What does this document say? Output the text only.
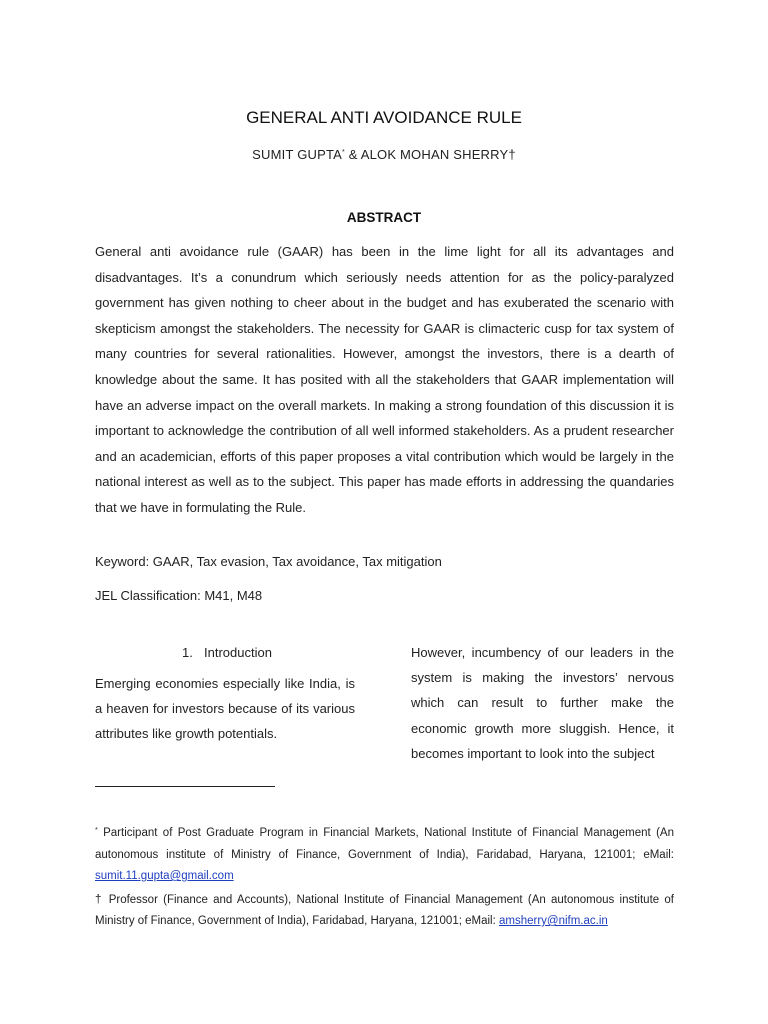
GENERAL ANTI AVOIDANCE RULE
SUMIT GUPTA* & ALOK MOHAN SHERRY†
ABSTRACT

General anti avoidance rule (GAAR) has been in the lime light for all its advantages and disadvantages. It’s a conundrum which seriously needs attention for as the policy-paralyzed government has given nothing to cheer about in the budget and has exuberated the scenario with skepticism amongst the stakeholders. The necessity for GAAR is climacteric cusp for tax system of many countries for several rationalities. However, amongst the investors, there is a dearth of knowledge about the same. It has posited with all the stakeholders that GAAR implementation will have an adverse impact on the overall markets. In making a strong foundation of this discussion it is important to acknowledge the contribution of all well informed stakeholders. As a prudent researcher and an academician, efforts of this paper proposes a vital contribution which would be largely in the national interest as well as to the subject. This paper has made efforts in addressing the quandaries that we have in formulating the Rule.

Keyword: GAAR, Tax evasion, Tax avoidance, Tax mitigation
JEL Classification: M41, M48
1. Introduction

Emerging economies especially like India, is a heaven for investors because of its various attributes like growth potentials.

However, incumbency of our leaders in the system is making the investors’ nervous which can result to further make the economic growth more sluggish. Hence, it becomes important to look into the subject

* Participant of Post Graduate Program in Financial Markets, National Institute of Financial Management (An autonomous institute of Ministry of Finance, Government of India), Faridabad, Haryana, 121001; eMail: sumit.11.gupta@gmail.com

† Professor (Finance and Accounts), National Institute of Financial Management (An autonomous institute of Ministry of Finance, Government of India), Faridabad, Haryana, 121001; eMail: amsherry@nifm.ac.in
